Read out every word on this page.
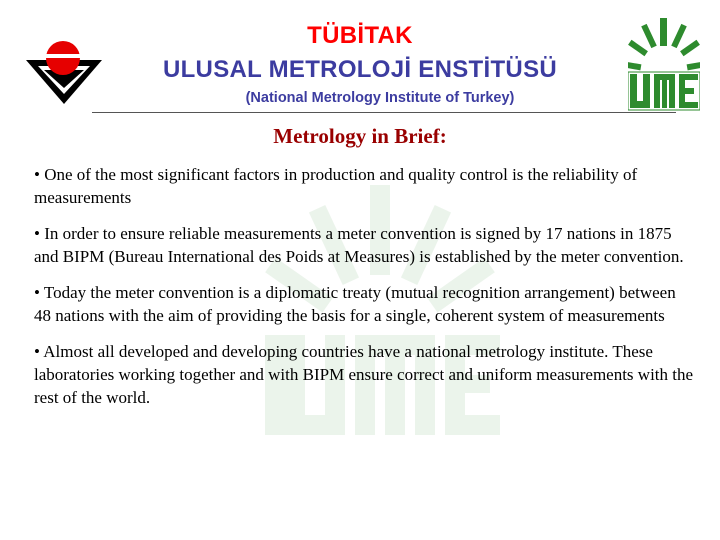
TÜBİTAK
ULUSAL METROLOJİ ENSTİTÜSÜ
(National Metrology Institute of Turkey)
Metrology in Brief:
• One of the most significant factors in production and quality control is the reliability of measurements
• In order to ensure reliable measurements a meter convention is signed by 17 nations in 1875 and BIPM (Bureau International des Poids at Measures) is established by the meter convention.
• Today the meter convention is a diplomatic treaty (mutual recognition arrangement) between 48 nations with the aim of providing the basis for a single, coherent system of measurements
• Almost all developed and developing countries have a national metrology institute. These laboratories working together and with BIPM ensure correct and uniform measurements with the rest of the world.
